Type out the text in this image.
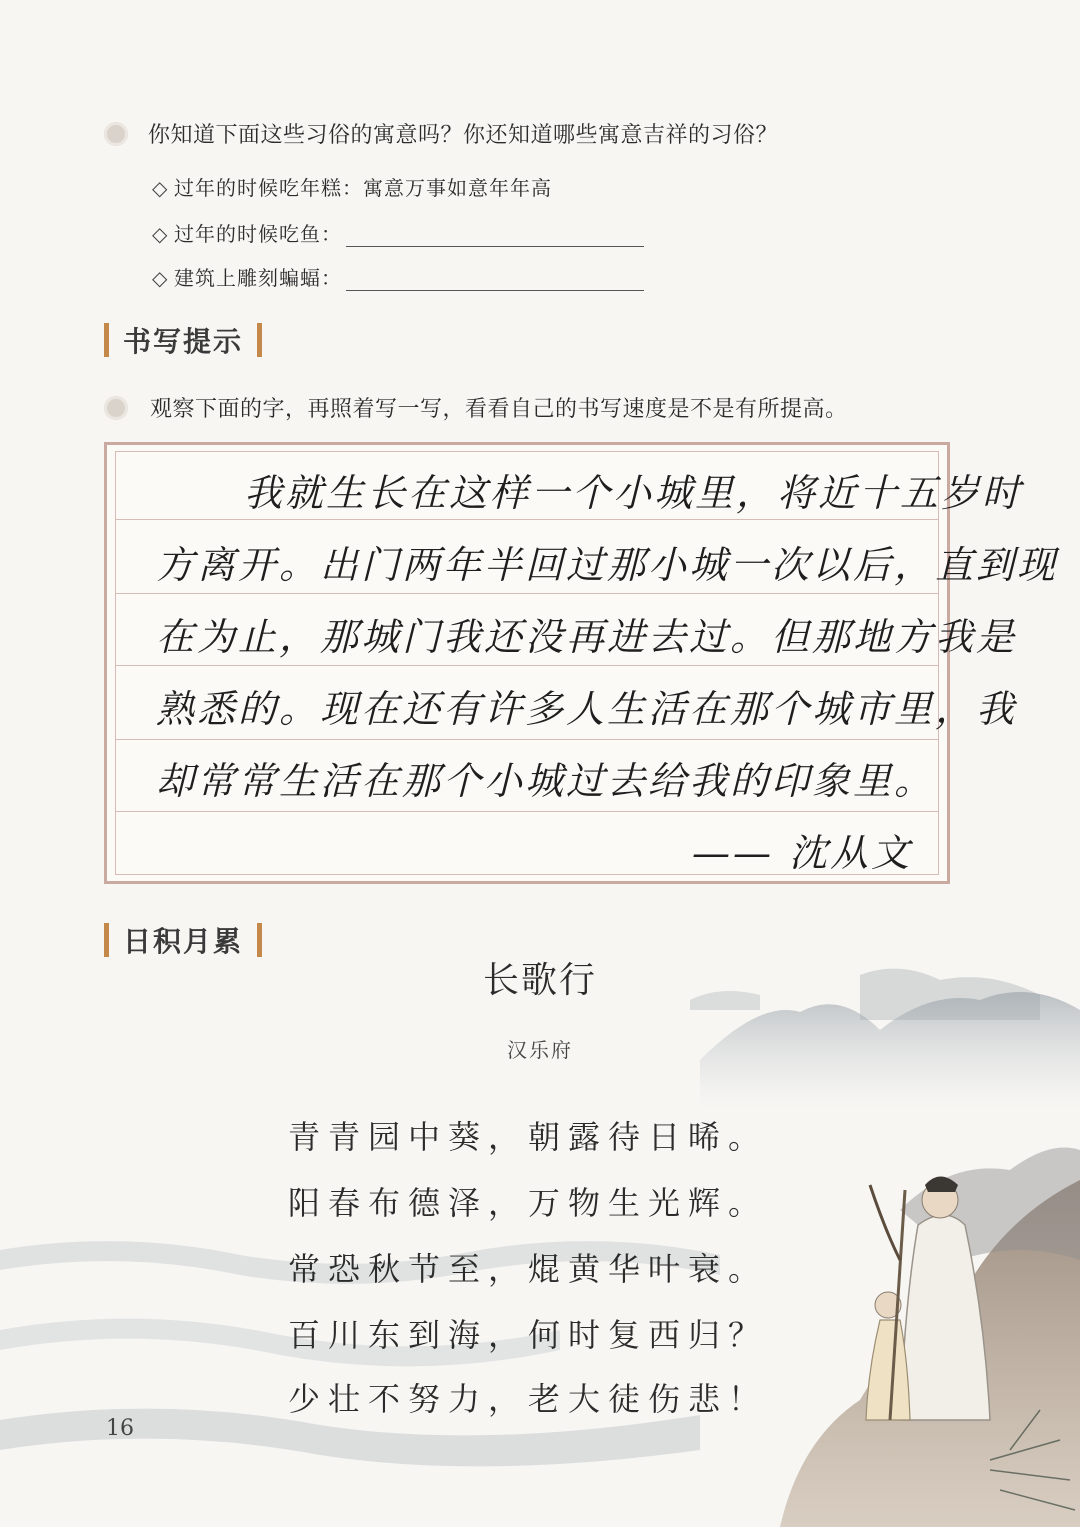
你知道下面这些习俗的寓意吗？你还知道哪些寓意吉祥的习俗？
◇ 过年的时候吃年糕：寓意万事如意年年高
◇ 过年的时候吃鱼：
◇ 建筑上雕刻蝙蝠：
书写提示
观察下面的字，再照着写一写，看看自己的书写速度是不是有所提高。
我就生长在这样一个小城里，将近十五岁时
方离开。出门两年半回过那小城一次以后，直到现
在为止，那城门我还没再进去过。但那地方我是
熟悉的。现在还有许多人生活在那个城市里，我
却常常生活在那个小城过去给我的印象里。
—— 沈从文
日积月累
长歌行
汉乐府
青青园中葵，朝露待日晞。
阳春布德泽，万物生光辉。
常恐秋节至，焜黄华叶衰。
百川东到海，何时复西归？
少壮不努力，老大徒伤悲！
16
